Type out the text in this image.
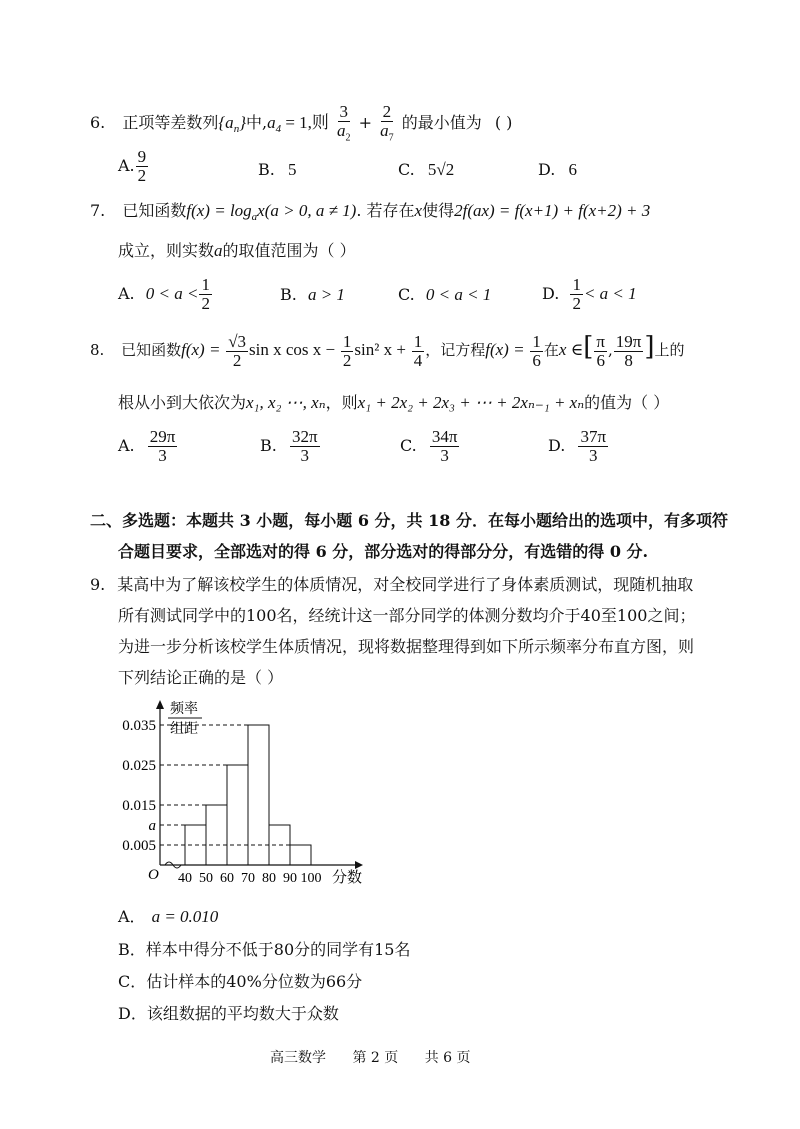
6. 正项等差数列$\{a_n\}$中$,a_4 = 1$,则 $\frac{3}{a_2} + \frac{2}{a_7}$ 的最小值为 ( )
A. $\frac{9}{2}$	B. 5	C. 5√2	D. 6
7. 已知函数$f(x) = \log_ax(a > 0$, a ≠ 1). 若存在x使得2f(ax) = f(x+1) + f(x+2) + 3
成立，则实数a的取值范围为（ ）
A. $0 < a < \frac{1}{2}$	B. a > 1	C. 0 < a < 1	D. $\frac{1}{2} < a < 1$
8. 已知函数$f(x) = \frac{√3}{2}$ sin x $\cos x - \frac{1}{2} \sin^2$ $x + \frac{1}{4}$ ，记方程$f(x) = \frac{1}{6}$ 在x ∈[ $\frac{\pi}{6}$ , $\frac{19\pi}{8}$ ]上的
根从小到大依次为x₁, x₂ ⋯, xₙ，则x₁ + 2x₂ + 2x₃ + ⋯ + 2xₙ₋₁ + xₙ的值为（ ）
A. $\frac{29\pi}{3}$	B. $\frac{32\pi}{3}$	C. $\frac{34\pi}{3}$	D. $\frac{37\pi}{3}$
二、多选题：本题共 3 小题，每小题 6 分，共 18 分．在每小题给出的选项中，有多项符
合题目要求，全部选对的得 6 分，部分选对的得部分分，有选错的得 0 分.
9. 某高中为了解该校学生的体质情况，对全校同学进行了身体素质测试，现随机抽取
所有测试同学中的100名，经统计这一部分同学的体测分数均介于40至100之间；
为进一步分析该校学生体质情况，现将数据整理得到如下所示频率分布直方图，则
下列结论正确的是（ ）
0.005
a
0.015
0.025
0.035
40 50 60 70 80 90 100
O	分数
频率
组距
A． a = 0.010
B．样本中得分不低于80分的同学有15名
C．估计样本的40%分位数为66分
D．该组数据的平均数大于众数
高三数学 第 2 页 共 6 页
